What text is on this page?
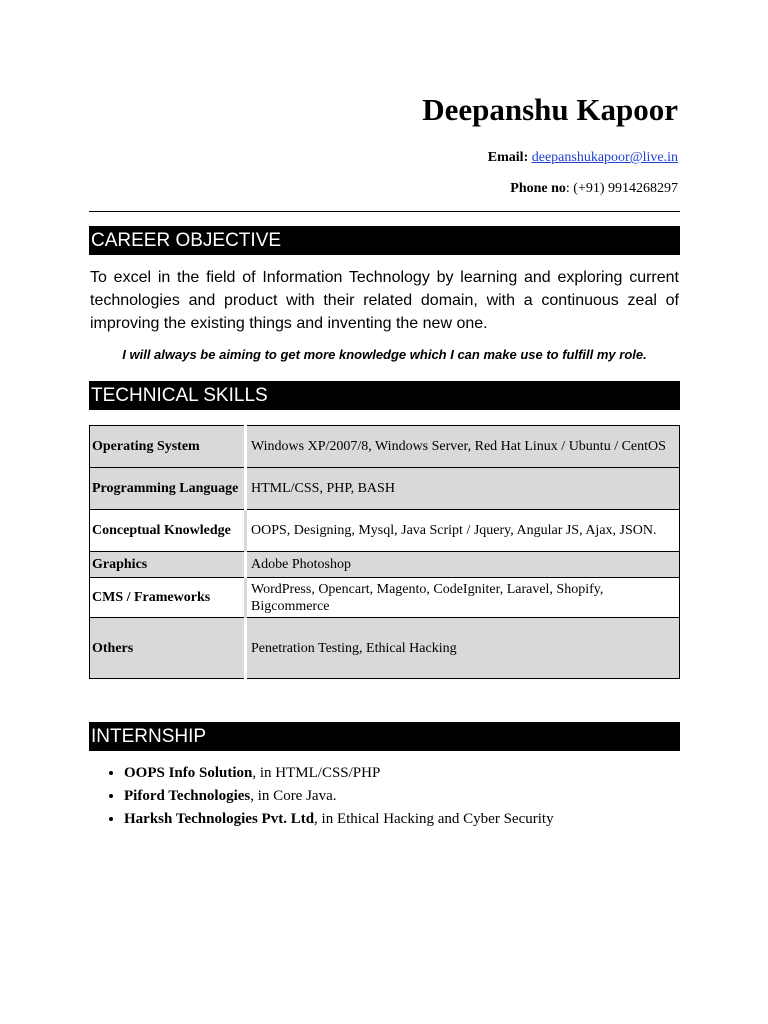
Deepanshu Kapoor
Email: deepanshukapoor@live.in
Phone no: (+91) 9914268297
CAREER OBJECTIVE
To excel in the field of Information Technology by learning and exploring current technologies and product with their related domain, with a continuous zeal of improving the existing things and inventing the new one.
I will always be aiming to get more knowledge which I can make use to fulfill my role.
TECHNICAL SKILLS
Operating System	Windows XP/2007/8, Windows Server, Red Hat Linux / Ubuntu / CentOS
Programming Language	HTML/CSS, PHP, BASH
Conceptual Knowledge	OOPS, Designing, Mysql, Java Script / Jquery, Angular JS, Ajax, JSON.
Graphics	Adobe Photoshop
CMS / Frameworks	WordPress, Opencart, Magento, CodeIgniter, Laravel, Shopify, Bigcommerce
Others	Penetration Testing, Ethical Hacking
INTERNSHIP
• OOPS Info Solution, in HTML/CSS/PHP
• Piford Technologies, in Core Java.
• Harksh Technologies Pvt. Ltd, in Ethical Hacking and Cyber Security
